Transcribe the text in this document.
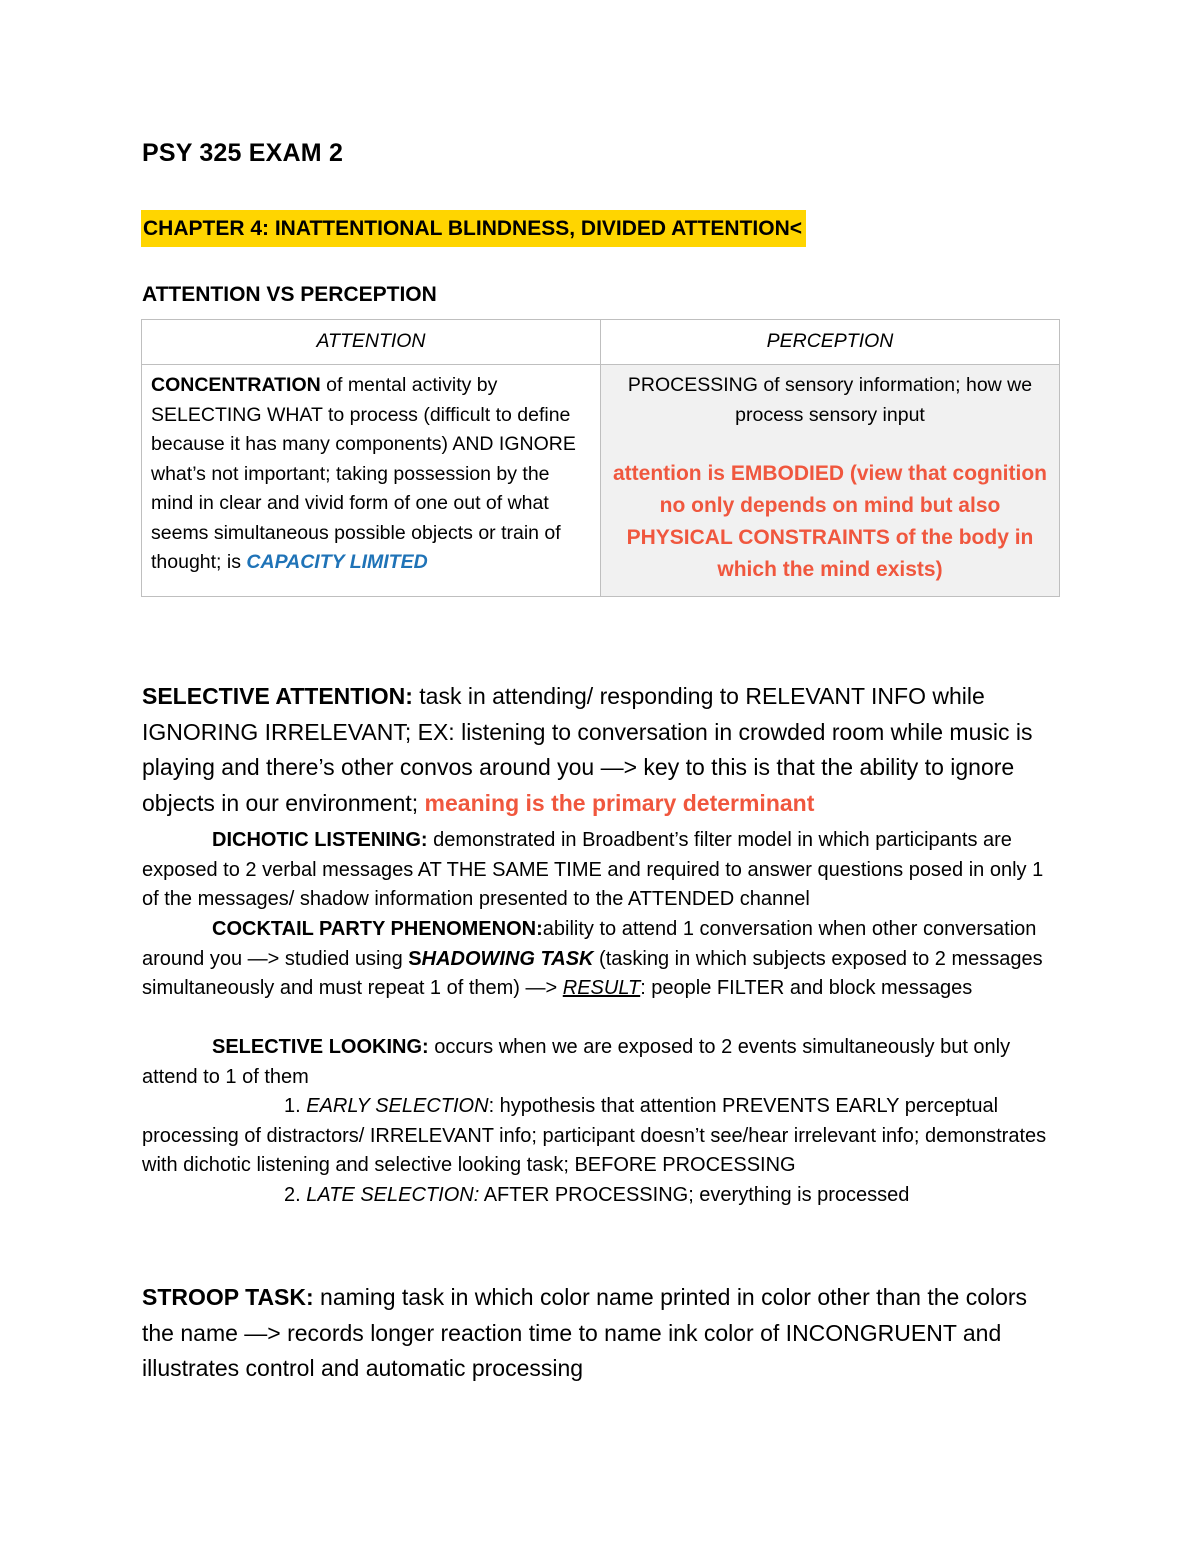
PSY 325 EXAM 2
CHAPTER 4: INATTENTIONAL BLINDNESS, DIVIDED ATTENTION<
ATTENTION VS PERCEPTION
ATTENTION	PERCEPTION
CONCENTRATION of mental activity by SELECTING WHAT to process (difficult to define because it has many components) AND IGNORE what’s not important; taking possession by the mind in clear and vivid form of one out of what seems simultaneous possible objects or train of thought; is CAPACITY LIMITED	PROCESSING of sensory information; how we process sensory input
attention is EMBODIED (view that cognition no only depends on mind but also PHYSICAL CONSTRAINTS of the body in which the mind exists)
SELECTIVE ATTENTION: task in attending/ responding to RELEVANT INFO while IGNORING IRRELEVANT; EX: listening to conversation in crowded room while music is playing and there’s other convos around you —> key to this is that the ability to ignore objects in our environment; meaning is the primary determinant
DICHOTIC LISTENING: demonstrated in Broadbent’s filter model in which participants are exposed to 2 verbal messages AT THE SAME TIME and required to answer questions posed in only 1 of the messages/ shadow information presented to the ATTENDED channel
COCKTAIL PARTY PHENOMENON:ability to attend 1 conversation when other conversation around you —> studied using SHADOWING TASK (tasking in which subjects exposed to 2 messages simultaneously and must repeat 1 of them) —> RESULT: people FILTER and block messages
SELECTIVE LOOKING: occurs when we are exposed to 2 events simultaneously but only attend to 1 of them
1. EARLY SELECTION: hypothesis that attention PREVENTS EARLY perceptual processing of distractors/ IRRELEVANT info; participant doesn’t see/hear irrelevant info; demonstrates with dichotic listening and selective looking task; BEFORE PROCESSING
2. LATE SELECTION: AFTER PROCESSING; everything is processed
STROOP TASK: naming task in which color name printed in color other than the colors the name —> records longer reaction time to name ink color of INCONGRUENT and illustrates control and automatic processing
